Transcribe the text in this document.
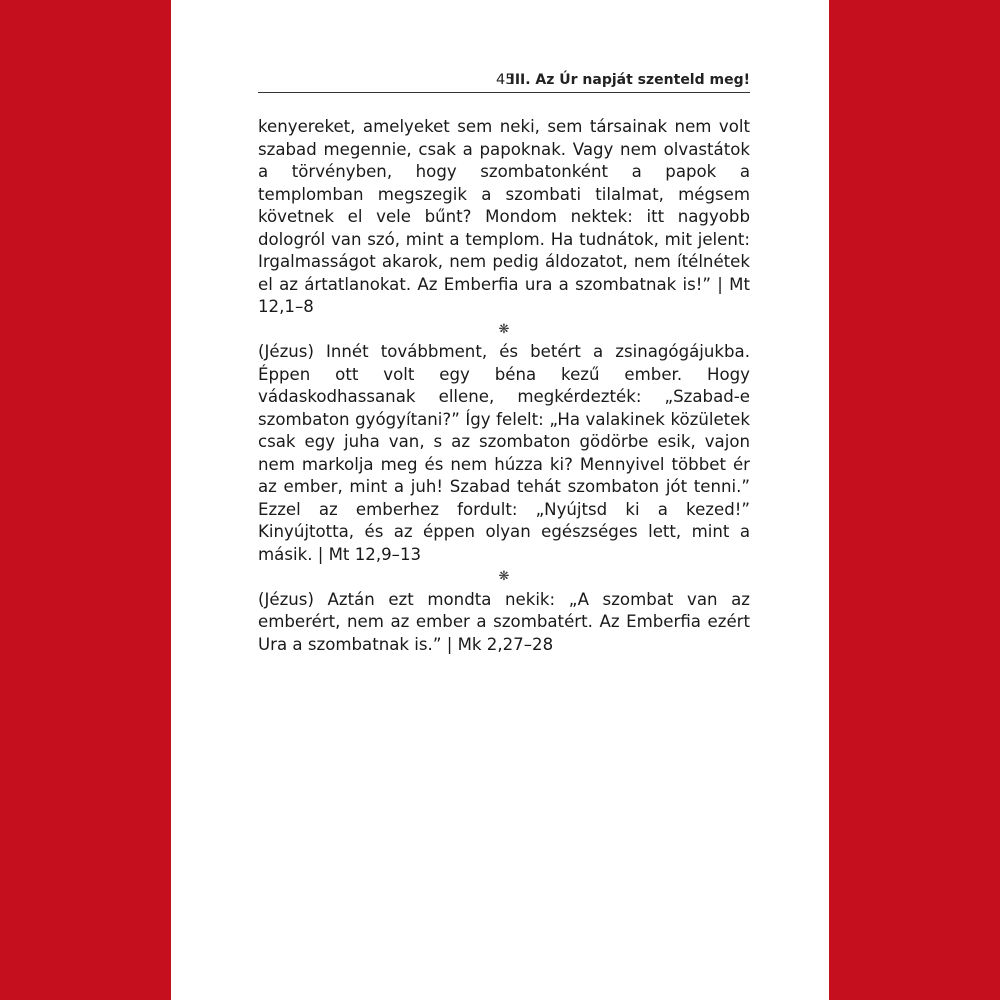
45
III. Az Úr napját szenteld meg!

kenyereket, amelyeket sem neki, sem társainak nem volt szabad megennie, csak a papoknak. Vagy nem olvastátok a törvényben, hogy szombatonként a papok a templomban megszegik a szombati tilalmat, mégsem követnek el vele bűnt? Mondom nektek: itt nagyobb dologról van szó, mint a templom. Ha tudnátok, mit jelent: Irgalmasságot akarok, nem pedig áldozatot, nem ítélnétek el az ártatlanokat. Az Emberfia ura a szombatnak is!” | Mt 12,1–8

❋

(Jézus) Innét továbbment, és betért a zsinagógájukba. Éppen ott volt egy béna kezű ember. Hogy vádaskodhassanak ellene, megkérdezték: „Szabad-e szombaton gyógyítani?” Így felelt: „Ha valakinek közületek csak egy juha van, s az szombaton gödörbe esik, vajon nem markolja meg és nem húzza ki? Mennyivel többet ér az ember, mint a juh! Szabad tehát szombaton jót tenni.” Ezzel az emberhez fordult: „Nyújtsd ki a kezed!” Kinyújtotta, és az éppen olyan egészséges lett, mint a másik. | Mt 12,9–13

❋

(Jézus) Aztán ezt mondta nekik: „A szombat van az emberért, nem az ember a szombatért. Az Emberfia ezért Ura a szombatnak is.” | Mk 2,27–28
